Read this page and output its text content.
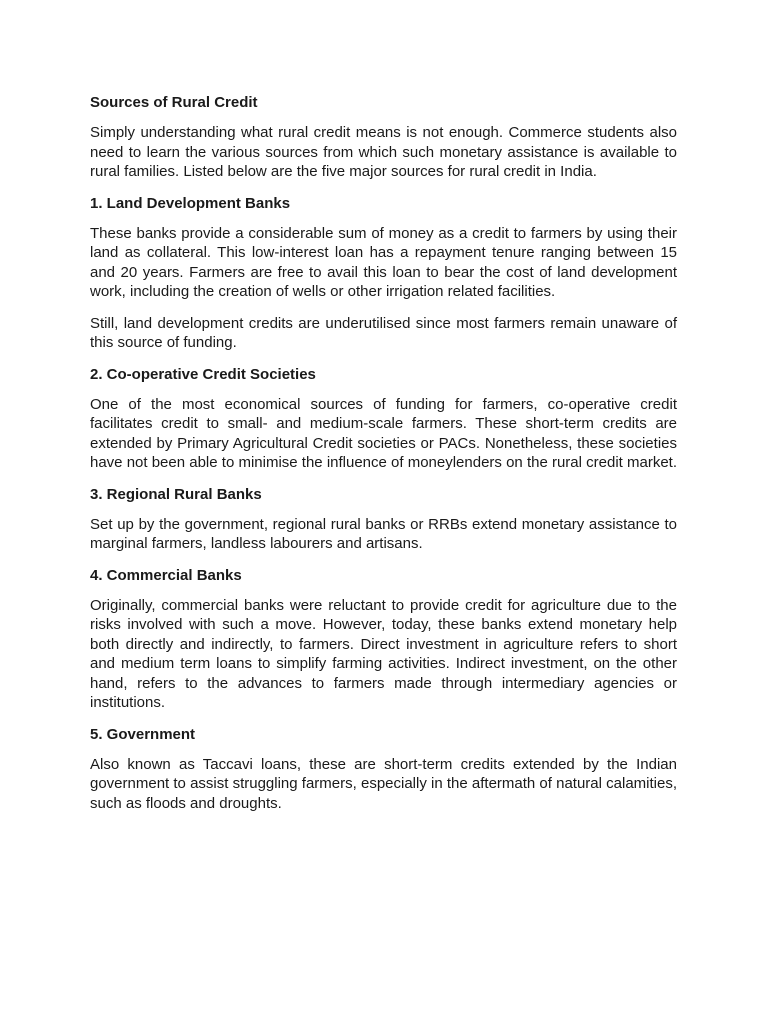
Sources of Rural Credit
Simply understanding what rural credit means is not enough. Commerce students also need to learn the various sources from which such monetary assistance is available to rural families. Listed below are the five major sources for rural credit in India.
1. Land Development Banks
These banks provide a considerable sum of money as a credit to farmers by using their land as collateral. This low-interest loan has a repayment tenure ranging between 15 and 20 years. Farmers are free to avail this loan to bear the cost of land development work, including the creation of wells or other irrigation related facilities.
Still, land development credits are underutilised since most farmers remain unaware of this source of funding.
2. Co-operative Credit Societies
One of the most economical sources of funding for farmers, co-operative credit facilitates credit to small- and medium-scale farmers. These short-term credits are extended by Primary Agricultural Credit societies or PACs. Nonetheless, these societies have not been able to minimise the influence of moneylenders on the rural credit market.
3. Regional Rural Banks
Set up by the government, regional rural banks or RRBs extend monetary assistance to marginal farmers, landless labourers and artisans.
4. Commercial Banks
Originally, commercial banks were reluctant to provide credit for agriculture due to the risks involved with such a move. However, today, these banks extend monetary help both directly and indirectly, to farmers. Direct investment in agriculture refers to short and medium term loans to simplify farming activities. Indirect investment, on the other hand, refers to the advances to farmers made through intermediary agencies or institutions.
5. Government
Also known as Taccavi loans, these are short-term credits extended by the Indian government to assist struggling farmers, especially in the aftermath of natural calamities, such as floods and droughts.
